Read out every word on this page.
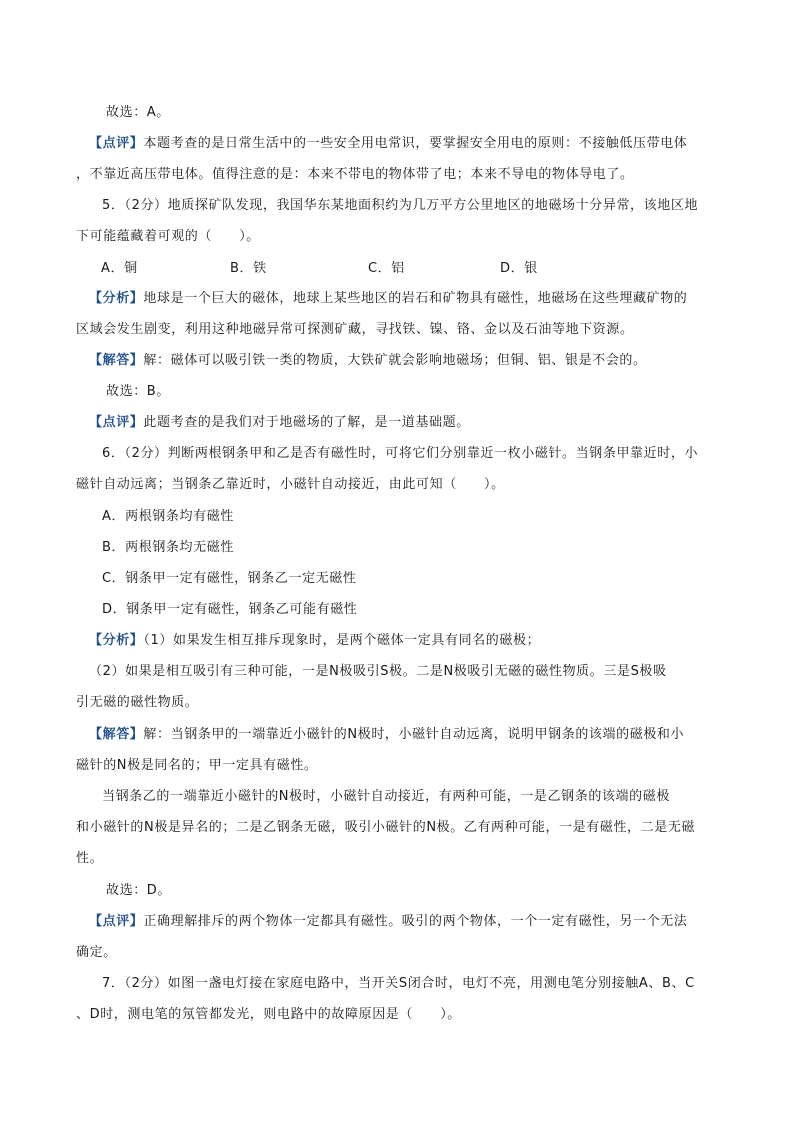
故选：A。
【点评】本题考查的是日常生活中的一些安全用电常识，要掌握安全用电的原则：不接触低压带电体
，不靠近高压带电体。值得注意的是：本来不带电的物体带了电；本来不导电的物体导电了。
5．（2分）地质探矿队发现，我国华东某地面积约为几万平方公里地区的地磁场十分异常，该地区地
下可能蕴藏着可观的（　　）。
A．铜	B．铁	C．铝	D．银
【分析】地球是一个巨大的磁体，地球上某些地区的岩石和矿物具有磁性，地磁场在这些埋藏矿物的
区域会发生剧变，利用这种地磁异常可探测矿藏，寻找铁、镍、铬、金以及石油等地下资源。
【解答】解：磁体可以吸引铁一类的物质，大铁矿就会影响地磁场；但铜、铝、银是不会的。
故选：B。
【点评】此题考查的是我们对于地磁场的了解，是一道基础题。
6．（2分）判断两根钢条甲和乙是否有磁性时，可将它们分别靠近一枚小磁针。当钢条甲靠近时，小
磁针自动远离；当钢条乙靠近时，小磁针自动接近，由此可知（　　）。
A．两根钢条均有磁性
B．两根钢条均无磁性
C．钢条甲一定有磁性，钢条乙一定无磁性
D．钢条甲一定有磁性，钢条乙可能有磁性
【分析】（1）如果发生相互排斥现象时，是两个磁体一定具有同名的磁极；
（2）如果是相互吸引有三种可能，一是N极吸引S极。二是N极吸引无磁的磁性物质。三是S极吸
引无磁的磁性物质。
【解答】解：当钢条甲的一端靠近小磁针的N极时，小磁针自动远离，说明甲钢条的该端的磁极和小
磁针的N极是同名的；甲一定具有磁性。
当钢条乙的一端靠近小磁针的N极时，小磁针自动接近，有两种可能，一是乙钢条的该端的磁极
和小磁针的N极是异名的；二是乙钢条无磁，吸引小磁针的N极。乙有两种可能，一是有磁性，二是无磁
性。
故选：D。
【点评】正确理解排斥的两个物体一定都具有磁性。吸引的两个物体，一个一定有磁性，另一个无法
确定。
7．（2分）如图一盏电灯接在家庭电路中，当开关S闭合时，电灯不亮，用测电笔分别接触A、B、C
、D时，测电笔的氖管都发光，则电路中的故障原因是（　　）。
